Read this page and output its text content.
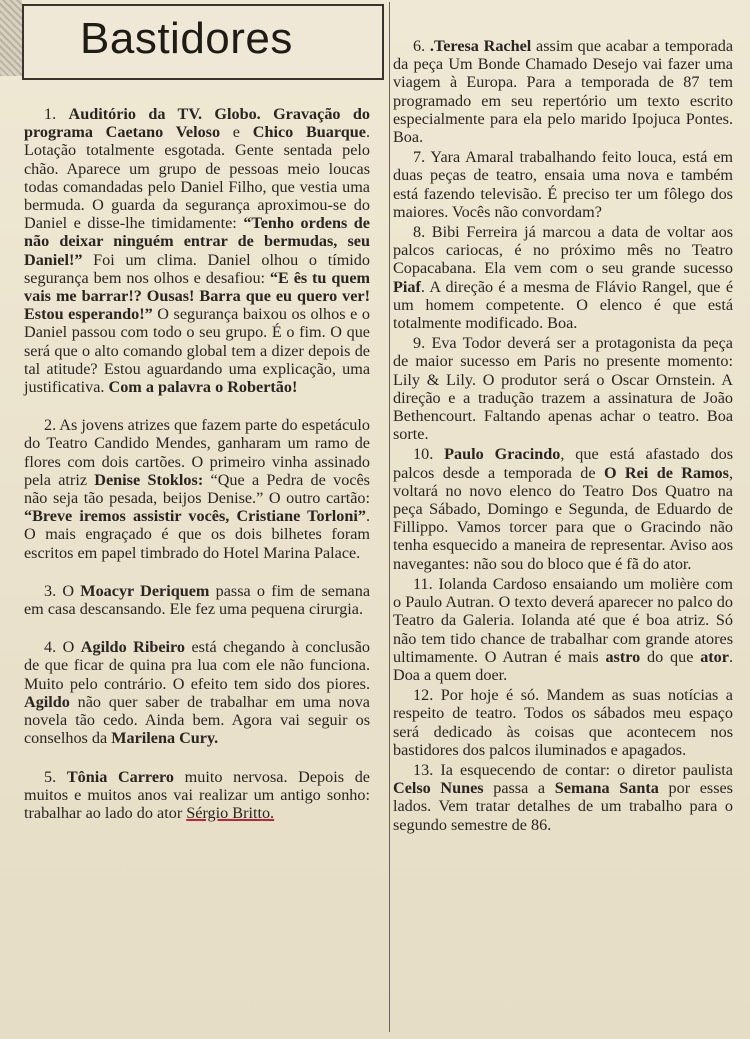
Bastidores

1. Auditório da TV. Globo. Gravação do programa Caetano Veloso e Chico Buarque. Lotação totalmente esgotada. Gente sentada pelo chão. Aparece um grupo de pessoas meio loucas todas comandadas pelo Daniel Filho, que vestia uma bermuda. O guarda da segurança aproximou-se do Daniel e disse-lhe timidamente: “Tenho ordens de não deixar ninguém entrar de bermudas, seu Daniel!” Foi um clima. Daniel olhou o tímido segurança bem nos olhos e desafiou: “E ês tu quem vais me barrar!? Ousas! Barra que eu quero ver! Estou esperando!” O segurança baixou os olhos e o Daniel passou com todo o seu grupo. É o fim. O que será que o alto comando global tem a dizer depois de tal atitude? Estou aguardando uma explicação, uma justificativa. Com a palavra o Robertão!

2. As jovens atrizes que fazem parte do espetáculo do Teatro Candido Mendes, ganharam um ramo de flores com dois cartões. O primeiro vinha assinado pela atriz Denise Stoklos: “Que a Pedra de vocês não seja tão pesada, beijos Denise.” O outro cartão: “Breve iremos assistir vocês, Cristiane Torloni”. O mais engraçado é que os dois bilhetes foram escritos em papel timbrado do Hotel Marina Palace.

3. O Moacyr Deriquem passa o fim de semana em casa descansando. Ele fez uma pequena cirurgia.

4. O Agildo Ribeiro está chegando à conclusão de que ficar de quina pra lua com ele não funciona. Muito pelo contrário. O efeito tem sido dos piores. Agildo não quer saber de trabalhar em uma nova novela tão cedo. Ainda bem. Agora vai seguir os conselhos da Marilena Cury.

5. Tônia Carrero muito nervosa. Depois de muitos e muitos anos vai realizar um antigo sonho: trabalhar ao lado do ator Sérgio Britto.

6. .Teresa Rachel assim que acabar a temporada da peça Um Bonde Chamado Desejo vai fazer uma viagem à Europa. Para a temporada de 87 tem programado em seu repertório um texto escrito especialmente para ela pelo marido Ipojuca Pontes. Boa.

7. Yara Amaral trabalhando feito louca, está em duas peças de teatro, ensaia uma nova e também está fazendo televisão. É preciso ter um fôlego dos maiores. Vocês não convordam?

8. Bibi Ferreira já marcou a data de voltar aos palcos cariocas, é no próximo mês no Teatro Copacabana. Ela vem com o seu grande sucesso Piaf. A direção é a mesma de Flávio Rangel, que é um homem competente. O elenco é que está totalmente modificado. Boa.

9. Eva Todor deverá ser a protagonista da peça de maior sucesso em Paris no presente momento: Lily & Lily. O produtor será o Oscar Ornstein. A direção e a tradução trazem a assinatura de João Bethencourt. Faltando apenas achar o teatro. Boa sorte.

10. Paulo Gracindo, que está afastado dos palcos desde a temporada de O Rei de Ramos, voltará no novo elenco do Teatro Dos Quatro na peça Sábado, Domingo e Segunda, de Eduardo de Fillippo. Vamos torcer para que o Gracindo não tenha esquecido a maneira de representar. Aviso aos navegantes: não sou do bloco que é fã do ator.

11. Iolanda Cardoso ensaiando um molière com o Paulo Autran. O texto deverá aparecer no palco do Teatro da Galeria. Iolanda até que é boa atriz. Só não tem tido chance de trabalhar com grande atores ultimamente. O Autran é mais astro do que ator. Doa a quem doer.

12. Por hoje é só. Mandem as suas notícias a respeito de teatro. Todos os sábados meu espaço será dedicado às coisas que acontecem nos bastidores dos palcos iluminados e apagados.

13. Ia esquecendo de contar: o diretor paulista Celso Nunes passa a Semana Santa por esses lados. Vem tratar detalhes de um trabalho para o segundo semestre de 86.
